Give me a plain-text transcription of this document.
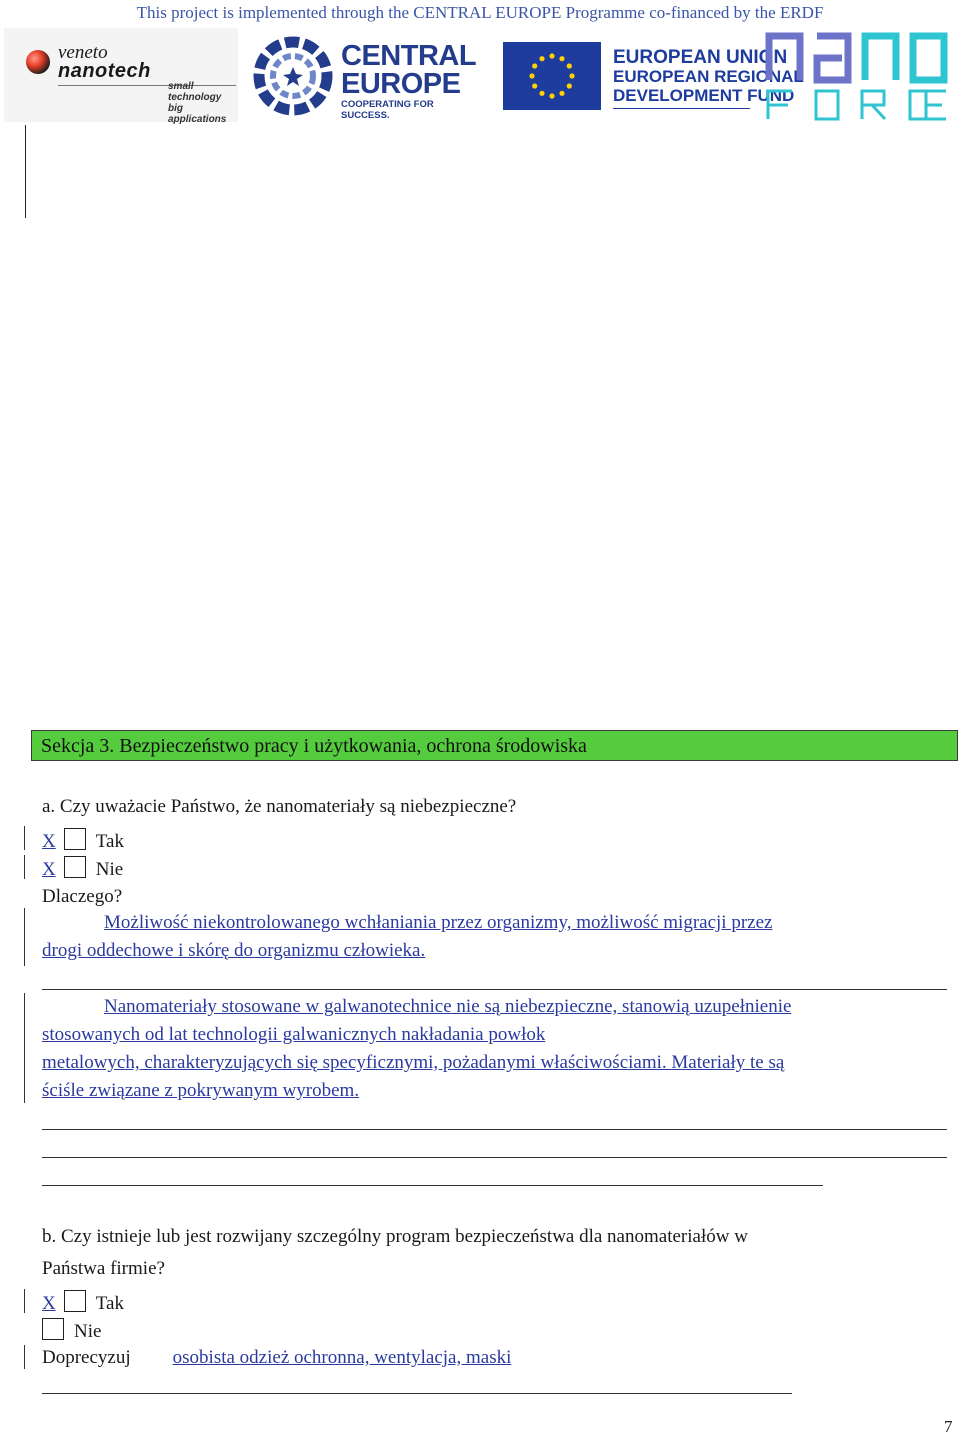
This project is implemented through the CENTRAL EUROPE Programme co-financed by the ERDF
veneto
nanotech
small technology
big applications
CENTRAL
EUROPE
COOPERATING FOR SUCCESS.
EUROPEAN UNION
EUROPEAN REGIONAL
DEVELOPMENT FUND
Sekcja 3. Bezpieczeństwo pracy i użytkowania, ochrona środowiska
a. Czy uważacie Państwo, że nanomateriały są niebezpieczne?
X Tak
X Nie
Dlaczego?
Możliwość niekontrolowanego wchłaniania przez organizmy, możliwość migracji przez
drogi oddechowe i skórę do organizmu człowieka.
Nanomateriały stosowane w galwanotechnice nie są niebezpieczne, stanowią uzupełnienie
stosowanych od lat technologii galwanicznych nakładania powłok
metalowych, charakteryzujących się specyficznymi, pożadanymi właściwościami. Materiały te są
ściśle związane z pokrywanym wyrobem.
b. Czy istnieje lub jest rozwijany szczególny program bezpieczeństwa dla nanomateriałów w
Państwa firmie?
X Tak
Nie
Doprecyzuj osobista odzież ochronna, wentylacja, maski
7
